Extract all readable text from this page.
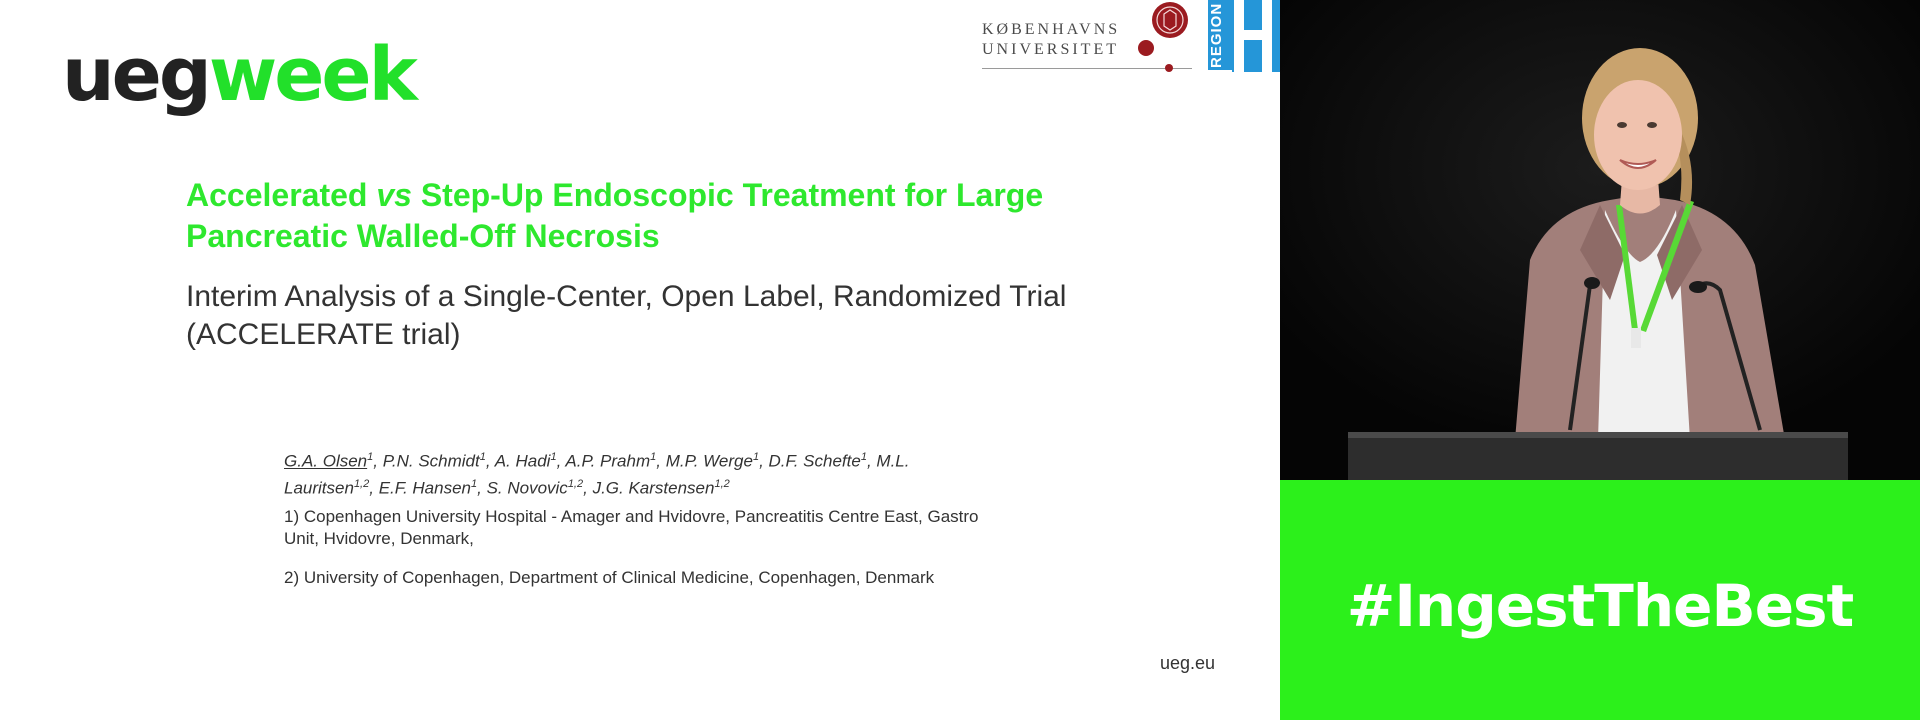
uegweek
KØBENHAVNS
UNIVERSITET	REGION
Accelerated vs Step-Up Endoscopic Treatment for Large Pancreatic Walled-Off Necrosis

Interim Analysis of a Single-Center, Open Label, Randomized Trial (ACCELERATE trial)

G.A. Olsen$^1$, P.N. Schmidt$^1$, A. Hadi$^1$, A.P. Prahm$^1$, M.P. Werge$^1$, D.F. Schefte$^1$, M.L. Lauritsen$^{1,2}$, E.F. Hansen$^1$, S. Novovic$^{1,2}$, J.G. Karstensen$^{1,2}$
1) Copenhagen University Hospital - Amager and Hvidovre, Pancreatitis Centre East, Gastro Unit, Hvidovre, Denmark,
2) University of Copenhagen, Department of Clinical Medicine, Copenhagen, Denmark
ueg.eu
#IngestTheBest
